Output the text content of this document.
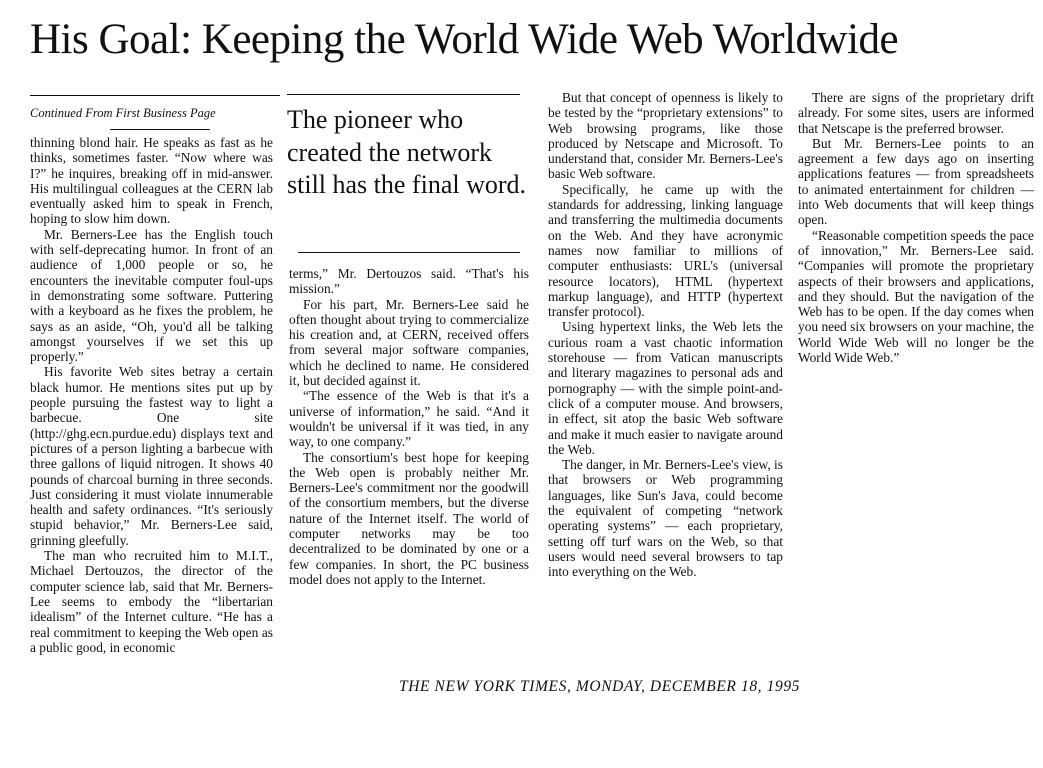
His Goal: Keeping the World Wide Web Worldwide
Continued From First Business Page	The pioneer who created the network still has the final word.

thinning blond hair. He speaks as fast as he thinks, sometimes faster. “Now where was I?” he inquires, breaking off in mid-answer. His multilingual colleagues at the CERN lab eventually asked him to speak in French, hoping to slow him down.

Mr. Berners-Lee has the English touch with self-deprecating humor. In front of an audience of 1,000 people or so, he encounters the inevitable computer foul-ups in demonstrating some software. Puttering with a keyboard as he fixes the problem, he says as an aside, “Oh, you'd all be talking amongst yourselves if we set this up properly.”

His favorite Web sites betray a certain black humor. He mentions sites put up by people pursuing the fastest way to light a barbecue. One site (http://ghg.ecn.purdue.edu) displays text and pictures of a person lighting a barbecue with three gallons of liquid nitrogen. It shows 40 pounds of charcoal burning in three seconds. Just considering it must violate innumerable health and safety ordinances. “It's seriously stupid behavior,” Mr. Berners-Lee said, grinning gleefully.

The man who recruited him to M.I.T., Michael Dertouzos, the director of the computer science lab, said that Mr. Berners-Lee seems to embody the “libertarian idealism” of the Internet culture. “He has a real commitment to keeping the Web open as a public good, in economic

terms,” Mr. Dertouzos said. “That's his mission.”

For his part, Mr. Berners-Lee said he often thought about trying to commercialize his creation and, at CERN, received offers from several major software companies, which he declined to name. He considered it, but decided against it.

“The essence of the Web is that it's a universe of information,” he said. “And it wouldn't be universal if it was tied, in any way, to one company.”

The consortium's best hope for keeping the Web open is probably neither Mr. Berners-Lee's commitment nor the goodwill of the consortium members, but the diverse nature of the Internet itself. The world of computer networks may be too decentralized to be dominated by one or a few companies. In short, the PC business model does not apply to the Internet.

But that concept of openness is likely to be tested by the “proprietary extensions” to Web browsing programs, like those produced by Netscape and Microsoft. To understand that, consider Mr. Berners-Lee's basic Web software.

Specifically, he came up with the standards for addressing, linking language and transferring the multimedia documents on the Web. And they have acronymic names now familiar to millions of computer enthusiasts: URL's (universal resource locators), HTML (hypertext markup language), and HTTP (hypertext transfer protocol).

Using hypertext links, the Web lets the curious roam a vast chaotic information storehouse — from Vatican manuscripts and literary magazines to personal ads and pornography — with the simple point-and-click of a computer mouse. And browsers, in effect, sit atop the basic Web software and make it much easier to navigate around the Web.

The danger, in Mr. Berners-Lee's view, is that browsers or Web programming languages, like Sun's Java, could become the equivalent of competing “network operating systems” — each proprietary, setting off turf wars on the Web, so that users would need several browsers to tap into everything on the Web.

There are signs of the proprietary drift already. For some sites, users are informed that Netscape is the preferred browser.

But Mr. Berners-Lee points to an agreement a few days ago on inserting applications features — from spreadsheets to animated entertainment for children — into Web documents that will keep things open.

“Reasonable competition speeds the pace of innovation,” Mr. Berners-Lee said. “Companies will promote the proprietary aspects of their browsers and applications, and they should. But the navigation of the Web has to be open. If the day comes when you need six browsers on your machine, the World Wide Web will no longer be the World Wide Web.”

THE NEW YORK TIMES, MONDAY, DECEMBER 18, 1995
